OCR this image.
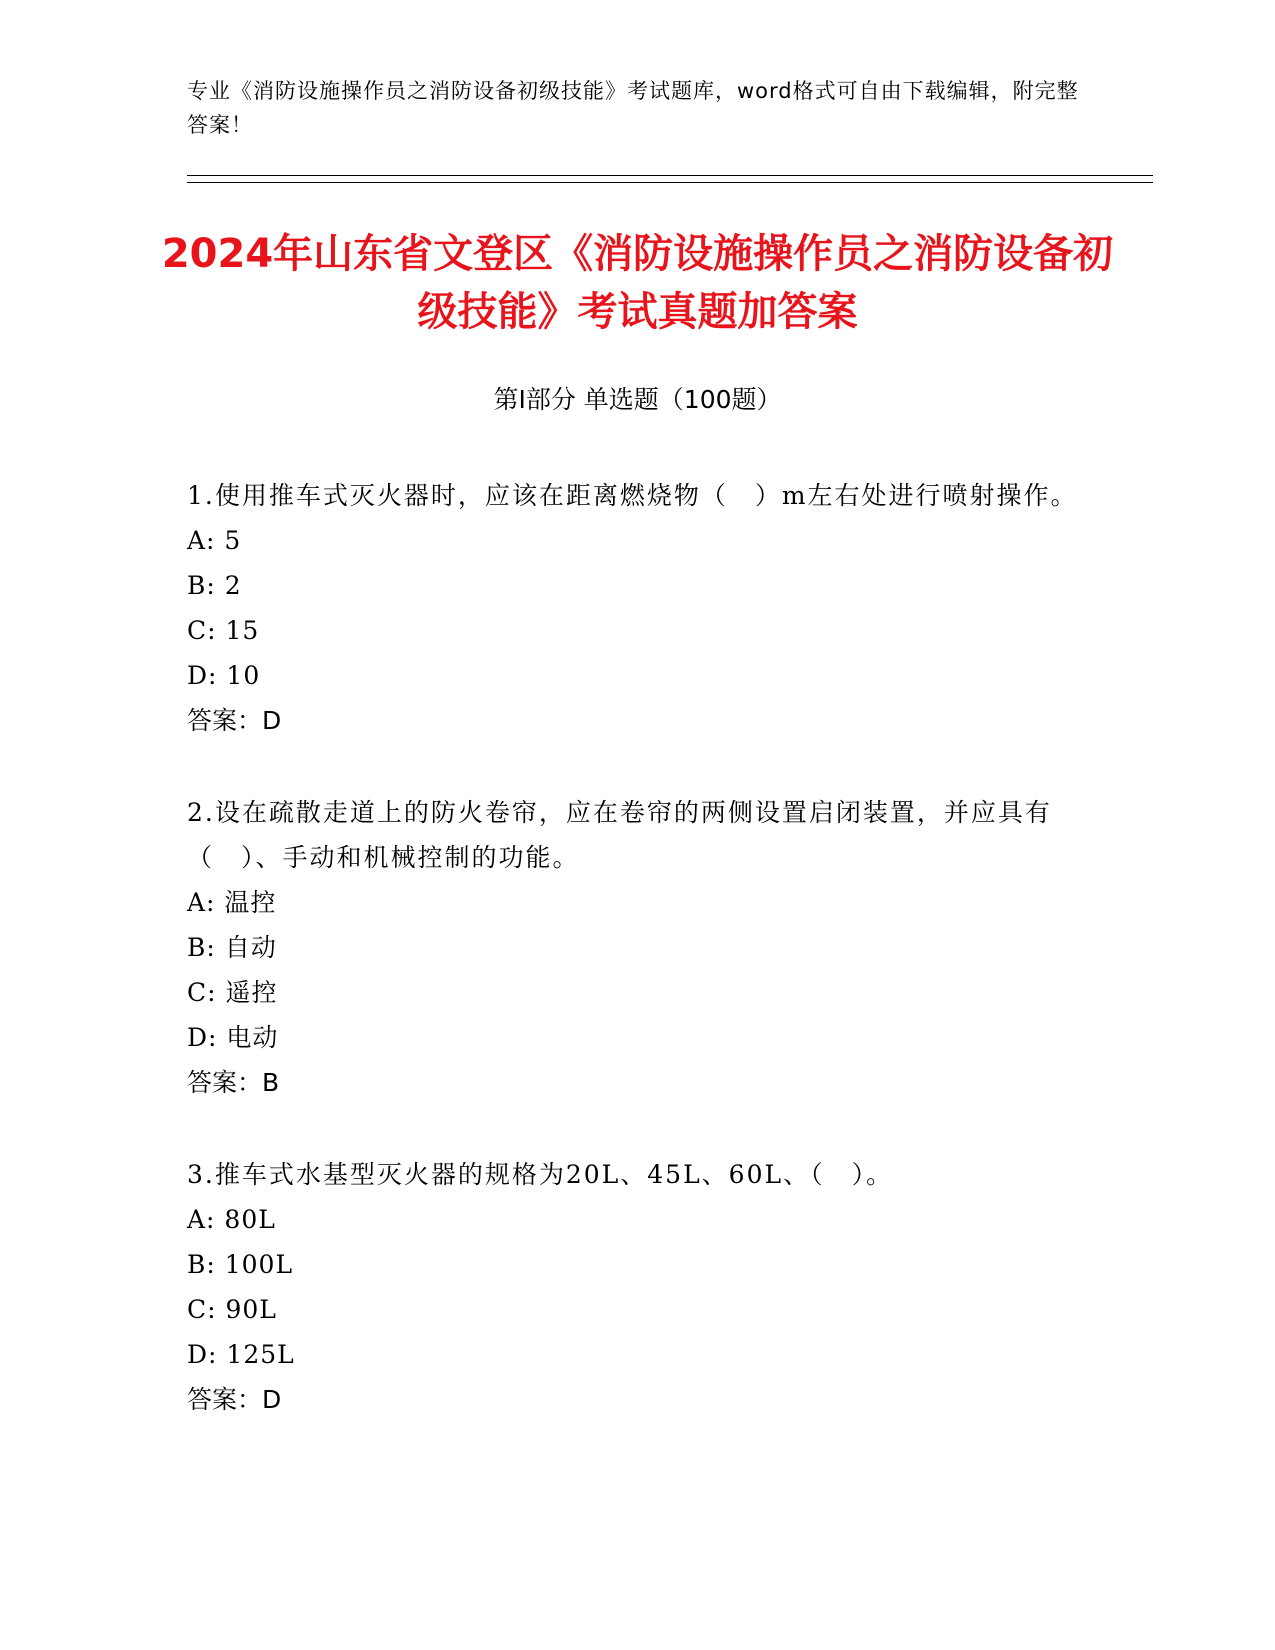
专业《消防设施操作员之消防设备初级技能》考试题库，word格式可自由下载编辑，附完整答案！
2024年山东省文登区《消防设施操作员之消防设备初级技能》考试真题加答案
第I部分 单选题（100题）
1.使用推车式灭火器时，应该在距离燃烧物（　）m左右处进行喷射操作。
A: 5
B: 2
C: 15
D: 10
答案：D
2.设在疏散走道上的防火卷帘，应在卷帘的两侧设置启闭装置，并应具有（　）、手动和机械控制的功能。
A: 温控
B: 自动
C: 遥控
D: 电动
答案：B
3.推车式水基型灭火器的规格为20L、45L、60L、（　）。
A: 80L
B: 100L
C: 90L
D: 125L
答案：D
